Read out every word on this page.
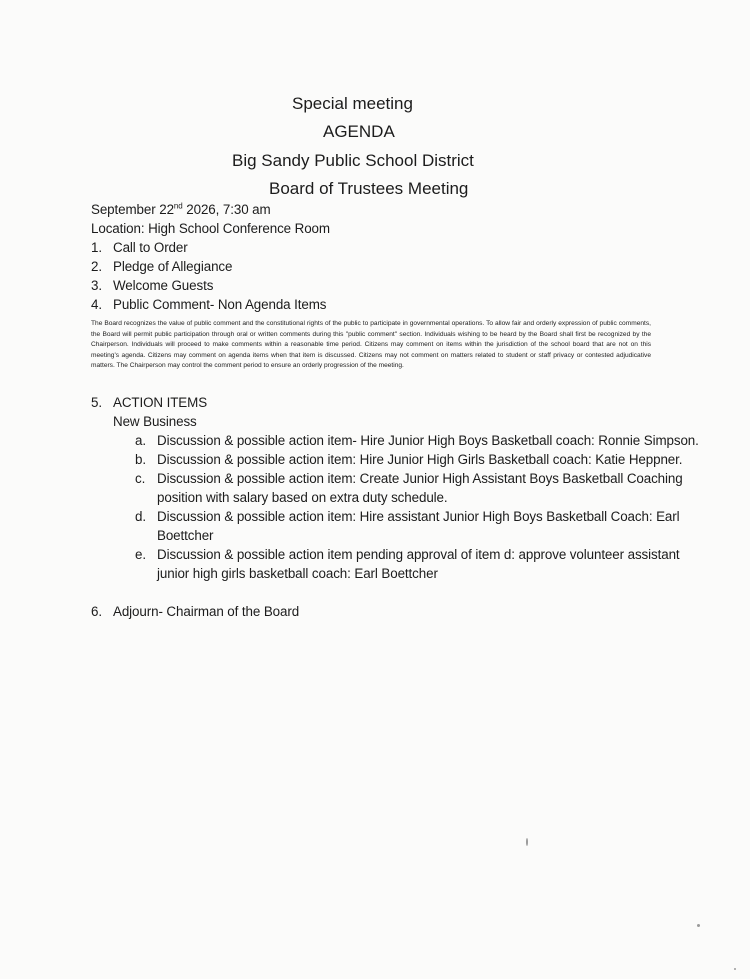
Special meeting
AGENDA
Big Sandy Public School District
Board of Trustees Meeting
September 22nd 2026, 7:30 am
Location: High School Conference Room
1. Call to Order
2. Pledge of Allegiance
3. Welcome Guests
4. Public Comment- Non Agenda Items
The Board recognizes the value of public comment and the constitutional rights of the public to participate in governmental operations. To allow fair and orderly expression of public comments, the Board will permit public participation through oral or written comments during this "public comment" section. Individuals wishing to be heard by the Board shall first be recognized by the Chairperson. Individuals will proceed to make comments within a reasonable time period. Citizens may comment on items within the jurisdiction of the school board that are not on this meeting's agenda. Citizens may comment on agenda items when that item is discussed. Citizens may not comment on matters related to student or staff privacy or contested adjudicative matters. The Chairperson may control the comment period to ensure an orderly progression of the meeting.
5. ACTION ITEMS
New Business
a. Discussion & possible action item- Hire Junior High Boys Basketball coach: Ronnie Simpson.
b. Discussion & possible action item: Hire Junior High Girls Basketball coach: Katie Heppner.
c. Discussion & possible action item: Create Junior High Assistant Boys Basketball Coaching
position with salary based on extra duty schedule.
d. Discussion & possible action item: Hire assistant Junior High Boys Basketball Coach: Earl
Boettcher
e. Discussion & possible action item pending approval of item d: approve volunteer assistant
junior high girls basketball coach: Earl Boettcher
6. Adjourn- Chairman of the Board
